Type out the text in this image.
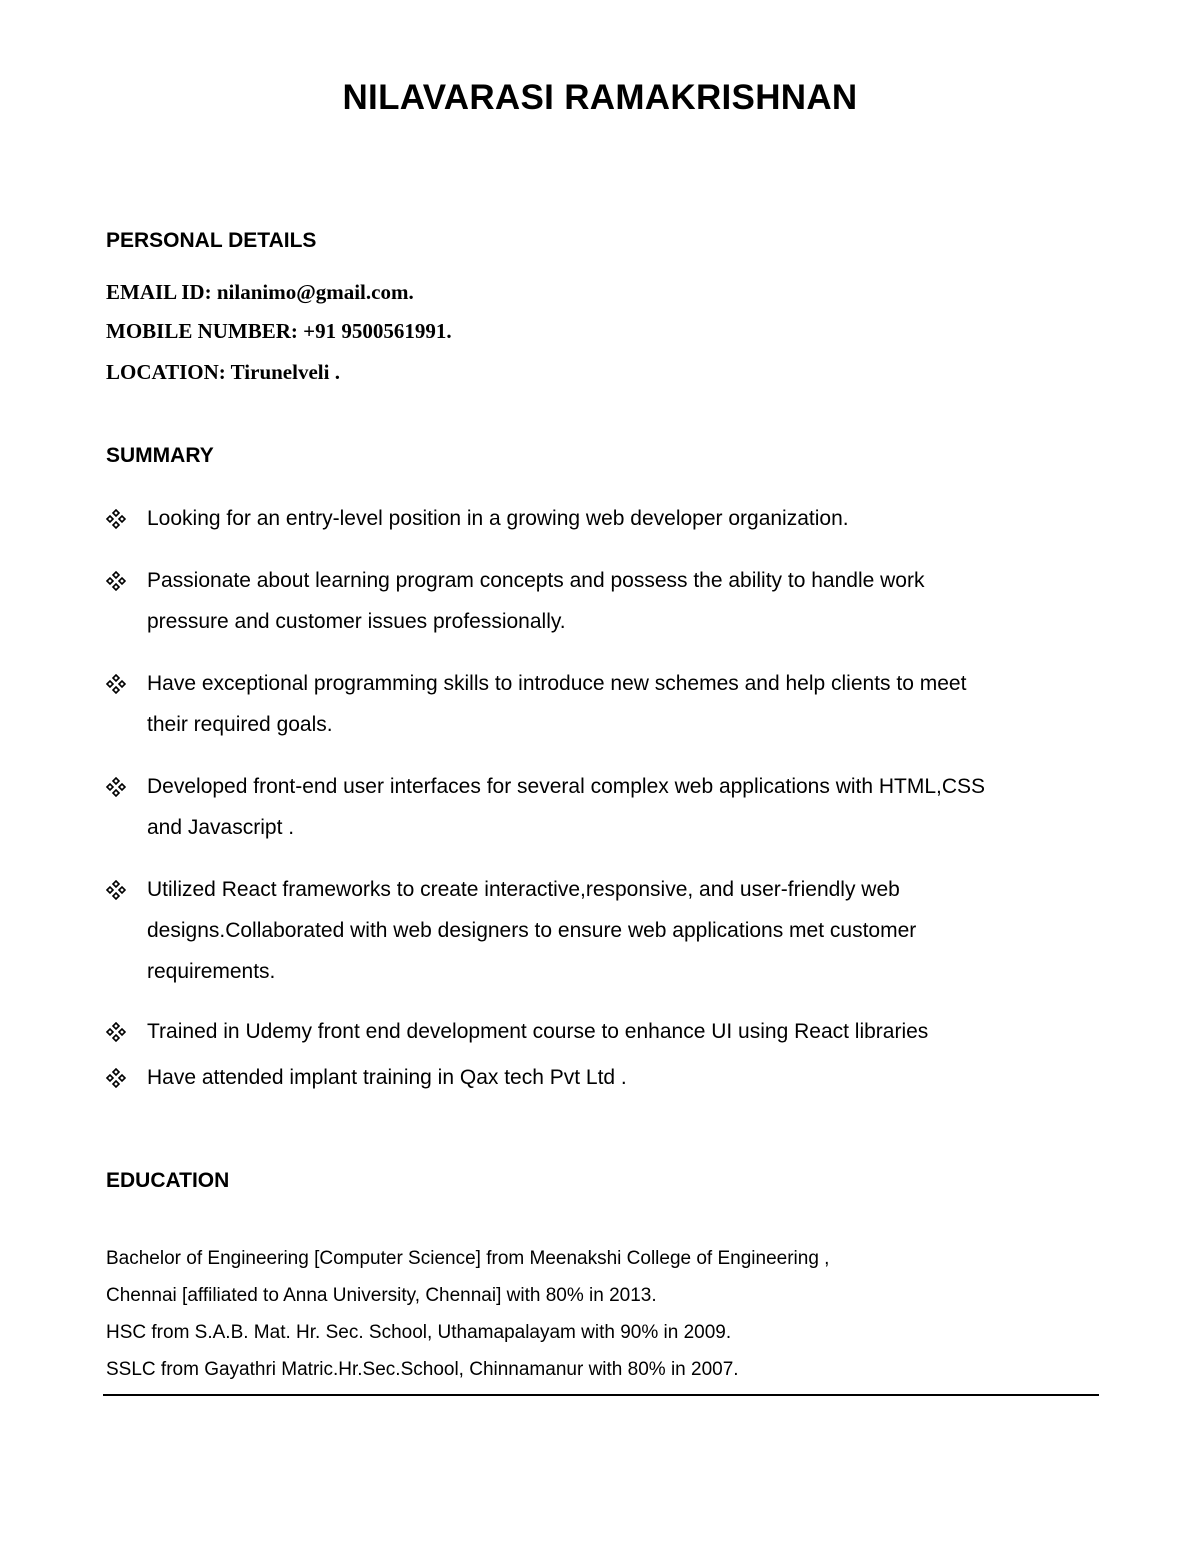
NILAVARASI RAMAKRISHNAN
PERSONAL DETAILS
EMAIL ID: nilanimo@gmail.com.
MOBILE NUMBER: +91 9500561991.
LOCATION: Tirunelveli .
SUMMARY
Looking for an entry-level position in a growing web developer organization.
Passionate about learning program concepts and possess the ability to handle work
pressure and customer issues professionally.
Have exceptional programming skills to introduce new schemes and help clients to meet
their required goals.
Developed front-end user interfaces for several complex web applications with HTML,CSS
and Javascript .
Utilized React frameworks to create interactive,responsive, and user-friendly web
designs.Collaborated with web designers to ensure web applications met customer
requirements.
Trained in Udemy front end development course to enhance UI using React libraries
Have attended implant training in Qax tech Pvt Ltd .
EDUCATION
Bachelor of Engineering [Computer Science] from Meenakshi College of Engineering ,
Chennai [affiliated to Anna University, Chennai] with 80% in 2013.
HSC from S.A.B. Mat. Hr. Sec. School, Uthamapalayam with 90% in 2009.
SSLC from Gayathri Matric.Hr.Sec.School, Chinnamanur with 80% in 2007.
